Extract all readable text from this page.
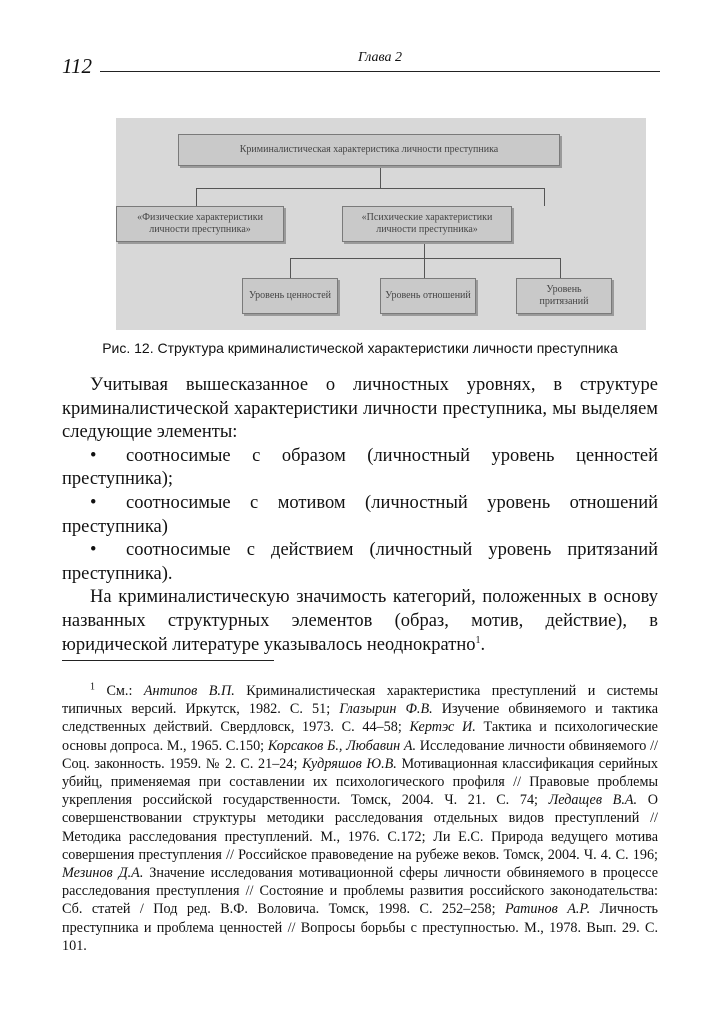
112	Глава 2
Криминалистическая характеристика личности преступника
«Физические характеристики личности преступника»
«Психические характеристики личности преступника»
Уровень ценностей	Уровень отношений
Уровень притязаний
Рис. 12. Структура криминалистической характеристики личности преступника

Учитывая вышесказанное о личностных уровнях, в структуре криминалистической характеристики личности преступника, мы выделяем следующие элементы:

• соотносимые с образом (личностный уровень ценностей преступника);

• соотносимые с мотивом (личностный уровень отношений преступника)

• соотносимые с действием (личностный уровень притязаний преступника).

На криминалистическую значимость категорий, положенных в основу названных структурных элементов (образ, мотив, действие), в юридической литературе указывалось неоднократно$^1$.

$^1$ См.: Антипов В.П. Криминалистическая характеристика преступлений и системы типичных версий. Иркутск, 1982. С. 51; Глазырин Ф.В. Изучение обвиняемого и тактика следственных действий. Свердловск, 1973. С. 44–58; Кертэс И. Тактика и психологические основы допроса. М., 1965. С.150; Корсаков Б., Любавин А. Исследование личности обвиняемого // Соц. законность. 1959. № 2. С. 21–24; Кудряшов Ю.В. Мотивационная классификация серийных убийц, применяемая при составлении их психологического профиля // Правовые проблемы укрепления российской государственности. Томск, 2004. Ч. 21. С. 74; Ледащев В.А. О совершенствовании структуры методики расследования отдельных видов преступлений // Методика расследования преступлений. М., 1976. С.172; Ли Е.С. Природа ведущего мотива совершения преступления // Российское правоведение на рубеже веков. Томск, 2004. Ч. 4. С. 196; Мезинов Д.А. Значение исследования мотивационной сферы личности обвиняемого в процессе расследования преступления // Состояние и проблемы развития российского законодательства: Сб. статей / Под ред. В.Ф. Воловича. Томск, 1998. С. 252–258; Ратинов А.Р. Личность преступника и проблема ценностей // Вопросы борьбы с преступностью. М., 1978. Вып. 29. С. 101.
